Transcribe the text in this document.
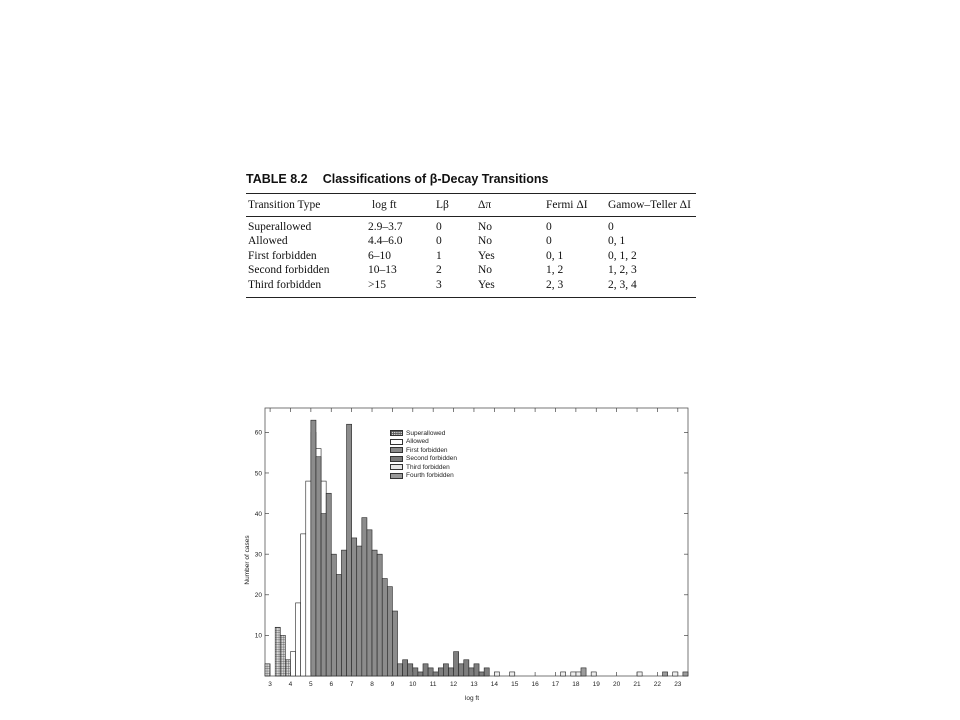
TABLE 8.2 Classifications of β-Decay Transitions
Transition Type	log ft	Lβ	Δπ	Fermi ΔI	Gamow–Teller ΔI
Superallowed	2.9–3.7	0	No	0	0
Allowed	4.4–6.0	0	No	0	0, 1
First forbidden	6–10	1	Yes	0, 1	0, 1, 2
Second forbidden	10–13	2	No	1, 2	1, 2, 3
Third forbidden	>15	3	Yes	2, 3	2, 3, 4
3	4	5	6	7	8	9 10 11 12 13 14 15 16 17 18 19 20 21 22 23
10
20
30
40
50
60
Number of cases
log ft
Superallowed
Allowed
First forbidden
Second forbidden
Third forbidden
Fourth forbidden
